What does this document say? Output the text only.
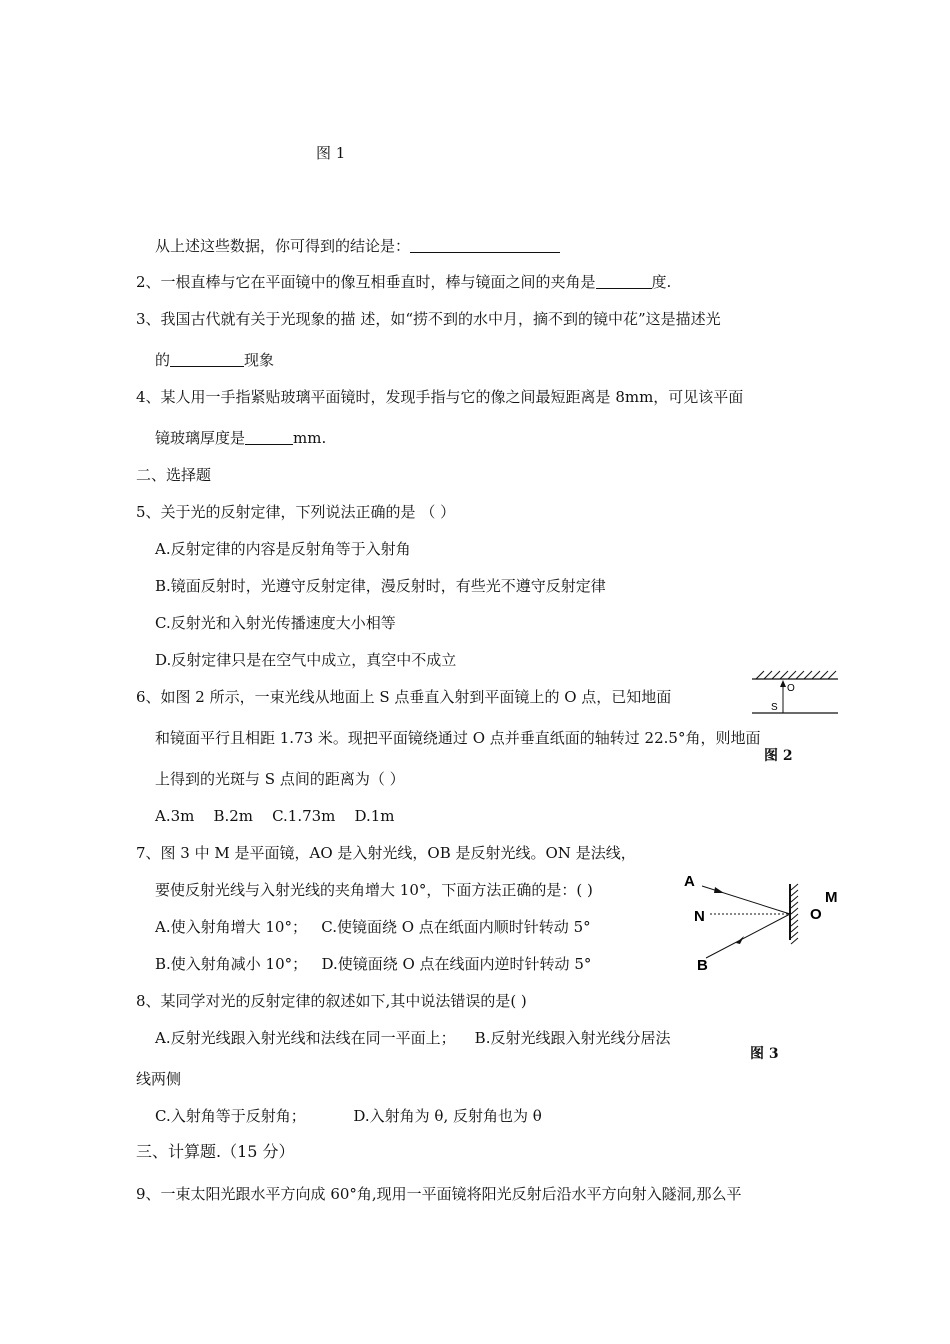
图 1
从上述这些数据，你可得到的结论是：
2、一根直棒与它在平面镜中的像互相垂直时，棒与镜面之间的夹角是	度.
3、我国古代就有关于光现象的描 述，如“捞不到的水中月，摘不到的镜中花”这是描述光
的	现象
4、某人用一手指紧贴玻璃平面镜时，发现手指与它的像之间最短距离是 8mm，可见该平面
镜玻璃厚度是	mm.
二、选择题
5、关于光的反射定律，下列说法正确的是 （ ）
A.反射定律的内容是反射角等于入射角
B.镜面反射时，光遵守反射定律，漫反射时，有些光不遵守反射定律
C.反射光和入射光传播速度大小相等
D.反射定律只是在空气中成立，真空中不成立
6、如图 2 所示，一束光线从地面上 S 点垂直入射到平面镜上的 O 点，已知地面
和镜面平行且相距 1.73 米。现把平面镜绕通过 O 点并垂直纸面的轴转过 22.5°角，则地面
上得到的光斑与 S 点间的距离为（ ）
A.3m    B.2m    C.1.73m    D.1m
O
S
图 2
7、图 3 中 M 是平面镜，AO 是入射光线，OB 是反射光线。ON 是法线，
要使反射光线与入射光线的夹角增大 10°，下面方法正确的是：( )
A.使入射角增大 10°；   C.使镜面绕 O 点在纸面内顺时针转动 5°
B.使入射角减小 10°；   D.使镜面绕 O 点在线面内逆时针转动 5°
A
N
B
O
M
8、某同学对光的反射定律的叙述如下,其中说法错误的是( )
A.反射光线跟入射光线和法线在同一平面上；    B.反射光线跟入射光线分居法
图 3
线两侧
C.入射角等于反射角；          D.入射角为 θ, 反射角也为 θ
三、计算题.（15 分）
9、一束太阳光跟水平方向成 60°角,现用一平面镜将阳光反射后沿水平方向射入隧洞,那么平
